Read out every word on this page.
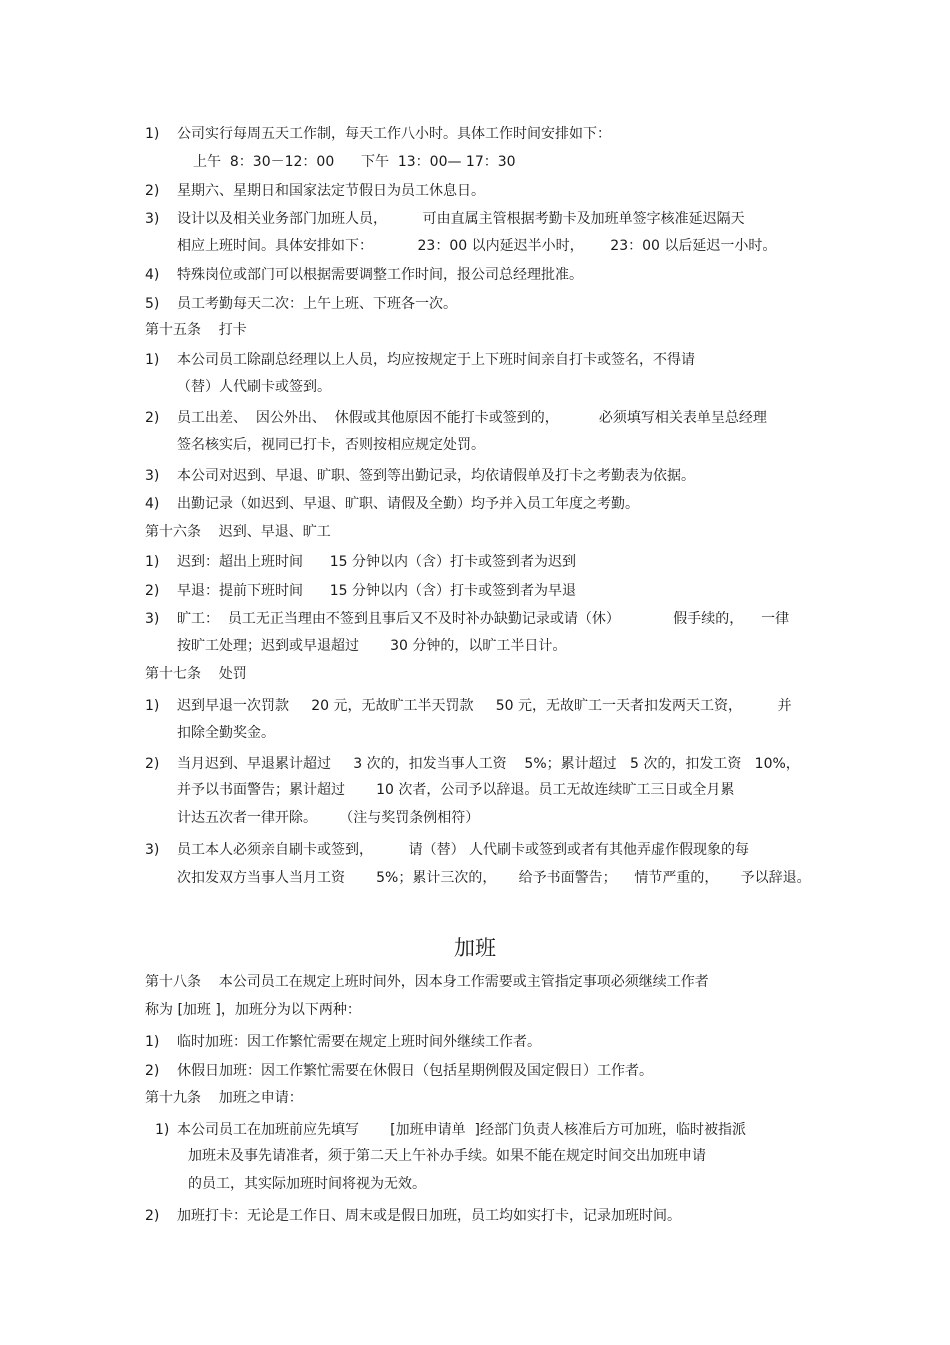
1) 公司实行每周五天工作制，每天工作八小时。具体工作时间安排如下：
上午  8：30－12：00      下午  13：00— 17：30
2) 星期六、星期日和国家法定节假日为员工休息日。
3) 设计以及相关业务部门加班人员，        可由直属主管根据考勤卡及加班单签字核准延迟隔天
相应上班时间。具体安排如下：          23：00 以内延迟半小时，      23：00 以后延迟一小时。
4) 特殊岗位或部门可以根据需要调整工作时间，报公司总经理批准。
5) 员工考勤每天二次：上午上班、下班各一次。
第十五条    打卡
1) 本公司员工除副总经理以上人员，均应按规定于上下班时间亲自打卡或签名，不得请
（替）人代刷卡或签到。
2) 员工出差、  因公外出、  休假或其他原因不能打卡或签到的，         必须填写相关表单呈总经理
签名核实后，视同已打卡，否则按相应规定处罚。
3) 本公司对迟到、早退、旷职、签到等出勤记录，均依请假单及打卡之考勤表为依据。
4) 出勤记录（如迟到、早退、旷职、请假及全勤）均予并入员工年度之考勤。
第十六条    迟到、早退、旷工
1) 迟到：超出上班时间      15 分钟以内（含）打卡或签到者为迟到
2) 早退：提前下班时间      15 分钟以内（含）打卡或签到者为早退
3) 旷工：  员工无正当理由不签到且事后又不及时补办缺勤记录或请（休）            假手续的，    一律
按旷工处理；迟到或早退超过       30 分钟的，以旷工半日计。
第十七条    处罚
1) 迟到早退一次罚款     20 元，无故旷工半天罚款     50 元，无故旷工一天者扣发两天工资，        并
扣除全勤奖金。
2) 当月迟到、早退累计超过     3 次的，扣发当事人工资    5%；累计超过   5 次的，扣发工资   10%，
并予以书面警告；累计超过       10 次者，公司予以辞退。员工无故连续旷工三日或全月累
计达五次者一律开除。     （注与奖罚条例相符）
3) 员工本人必须亲自刷卡或签到，        请（替） 人代刷卡或签到或者有其他弄虚作假现象的每
次扣发双方当事人当月工资       5%；累计三次的，     给予书面警告；    情节严重的，     予以辞退。
加班
第十八条    本公司员工在规定上班时间外，因本身工作需要或主管指定事项必须继续工作者
称为 [加班 ]，加班分为以下两种：
1) 临时加班：因工作繁忙需要在规定上班时间外继续工作者。
2) 休假日加班：因工作繁忙需要在休假日（包括星期例假及国定假日）工作者。
第十九条    加班之申请：
1) 本公司员工在加班前应先填写       [加班申请单  ]经部门负责人核准后方可加班，临时被指派
加班未及事先请准者，须于第二天上午补办手续。如果不能在规定时间交出加班申请
的员工，其实际加班时间将视为无效。
2) 加班打卡：无论是工作日、周末或是假日加班，员工均如实打卡，记录加班时间。
